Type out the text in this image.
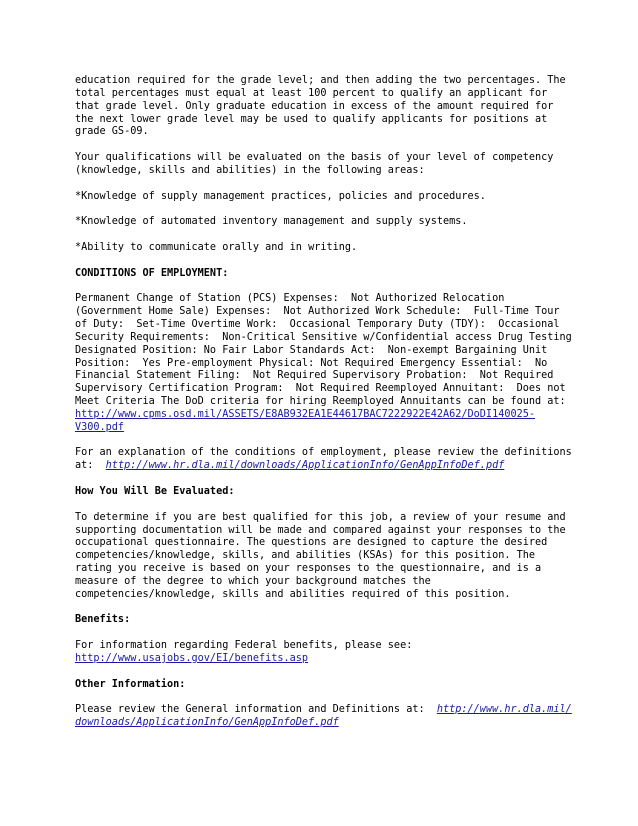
education required for the grade level; and then adding the two percentages. The
total percentages must equal at least 100 percent to qualify an applicant for
that grade level. Only graduate education in excess of the amount required for
the next lower grade level may be used to qualify applicants for positions at
grade GS-09.

Your qualifications will be evaluated on the basis of your level of competency
(knowledge, skills and abilities) in the following areas:

*Knowledge of supply management practices, policies and procedures.

*Knowledge of automated inventory management and supply systems.

*Ability to communicate orally and in writing.

CONDITIONS OF EMPLOYMENT:

Permanent Change of Station (PCS) Expenses:  Not Authorized Relocation
(Government Home Sale) Expenses:  Not Authorized Work Schedule:  Full-Time Tour
of Duty:  Set-Time Overtime Work:  Occasional Temporary Duty (TDY):  Occasional
Security Requirements:  Non-Critical Sensitive w/Confidential access Drug Testing
Designated Position: No Fair Labor Standards Act:  Non-exempt Bargaining Unit
Position:  Yes Pre-employment Physical: Not Required Emergency Essential:  No
Financial Statement Filing:  Not Required Supervisory Probation:  Not Required
Supervisory Certification Program:  Not Required Reemployed Annuitant:  Does not
Meet Criteria The DoD criteria for hiring Reemployed Annuitants can be found at:
http://www.cpms.osd.mil/ASSETS/E8AB932EA1E44617BAC7222922E42A62/DoDI140025-
V300.pdf

For an explanation of the conditions of employment, please review the definitions
at:  http://www.hr.dla.mil/downloads/ApplicationInfo/GenAppInfoDef.pdf

How You Will Be Evaluated:

To determine if you are best qualified for this job, a review of your resume and
supporting documentation will be made and compared against your responses to the
occupational questionnaire. The questions are designed to capture the desired
competencies/knowledge, skills, and abilities (KSAs) for this position. The
rating you receive is based on your responses to the questionnaire, and is a
measure of the degree to which your background matches the
competencies/knowledge, skills and abilities required of this position.

Benefits:

For information regarding Federal benefits, please see:
http://www.usajobs.gov/EI/benefits.asp

Other Information:

Please review the General information and Definitions at:  http://www.hr.dla.mil/
downloads/ApplicationInfo/GenAppInfoDef.pdf
